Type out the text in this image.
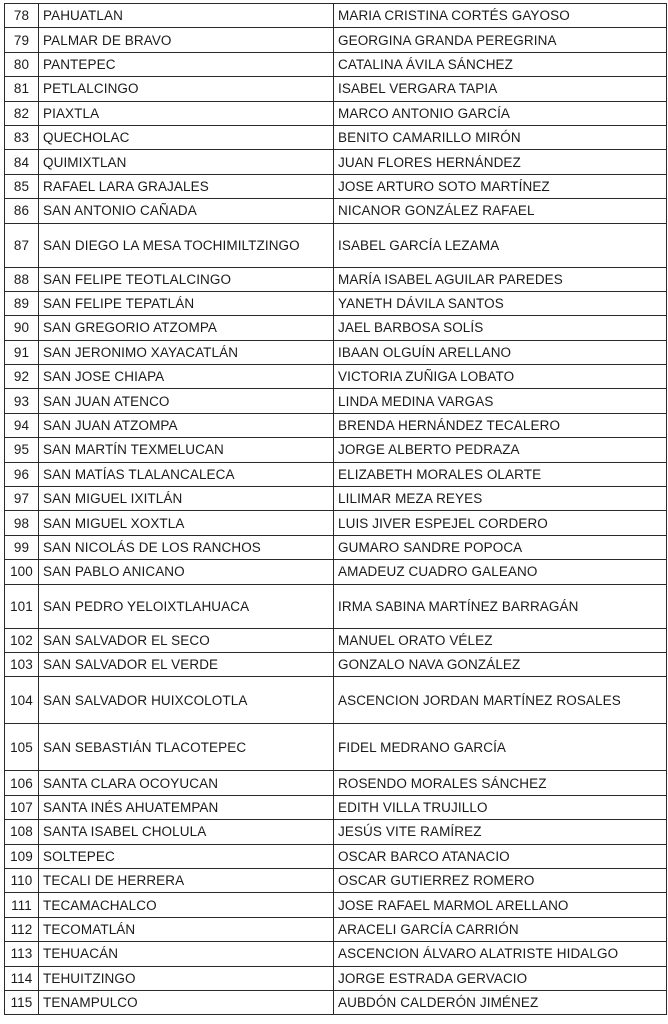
78	PAHUATLAN	MARIA CRISTINA CORTÉS GAYOSO
79	PALMAR DE BRAVO	GEORGINA GRANDA PEREGRINA
80	PANTEPEC	CATALINA ÁVILA SÁNCHEZ
81	PETLALCINGO	ISABEL VERGARA TAPIA
82	PIAXTLA	MARCO ANTONIO GARCÍA
83	QUECHOLAC	BENITO CAMARILLO MIRÓN
84	QUIMIXTLAN	JUAN FLORES HERNÁNDEZ
85	RAFAEL LARA GRAJALES	JOSE ARTURO SOTO MARTÍNEZ
86	SAN ANTONIO CAÑADA	NICANOR GONZÁLEZ RAFAEL
87	SAN DIEGO LA MESA TOCHIMILTZINGO	ISABEL GARCÍA LEZAMA
88	SAN FELIPE TEOTLALCINGO	MARÍA ISABEL AGUILAR PAREDES
89	SAN FELIPE TEPATLÁN	YANETH DÁVILA SANTOS
90	SAN GREGORIO ATZOMPA	JAEL BARBOSA SOLÍS
91	SAN JERONIMO XAYACATLÁN	IBAAN OLGUÍN ARELLANO
92	SAN JOSE CHIAPA	VICTORIA ZUÑIGA LOBATO
93	SAN JUAN ATENCO	LINDA MEDINA VARGAS
94	SAN JUAN ATZOMPA	BRENDA HERNÁNDEZ TECALERO
95	SAN MARTÍN TEXMELUCAN	JORGE ALBERTO PEDRAZA
96	SAN MATÍAS TLALANCALECA	ELIZABETH MORALES OLARTE
97	SAN MIGUEL IXITLÁN	LILIMAR MEZA REYES
98	SAN MIGUEL XOXTLA	LUIS JIVER ESPEJEL CORDERO
99	SAN NICOLÁS DE LOS RANCHOS	GUMARO SANDRE POPOCA
100	SAN PABLO ANICANO	AMADEUZ CUADRO GALEANO
101	SAN PEDRO YELOIXTLAHUACA	IRMA SABINA MARTÍNEZ BARRAGÁN
102	SAN SALVADOR EL SECO	MANUEL ORATO VÉLEZ
103	SAN SALVADOR EL VERDE	GONZALO NAVA GONZÁLEZ
104	SAN SALVADOR HUIXCOLOTLA	ASCENCION JORDAN MARTÍNEZ ROSALES
105	SAN SEBASTIÁN TLACOTEPEC	FIDEL MEDRANO GARCÍA
106	SANTA CLARA OCOYUCAN	ROSENDO MORALES SÁNCHEZ
107	SANTA INÉS AHUATEMPAN	EDITH VILLA TRUJILLO
108	SANTA ISABEL CHOLULA	JESÚS VITE RAMÍREZ
109	SOLTEPEC	OSCAR BARCO ATANACIO
110	TECALI DE HERRERA	OSCAR GUTIERREZ ROMERO
111	TECAMACHALCO	JOSE RAFAEL MARMOL ARELLANO
112	TECOMATLÁN	ARACELI GARCÍA CARRIÓN
113	TEHUACÁN	ASCENCION ÁLVARO ALATRISTE HIDALGO
114	TEHUITZINGO	JORGE ESTRADA GERVACIO
115	TENAMPULCO	AUBDÓN CALDERÓN JIMÉNEZ
